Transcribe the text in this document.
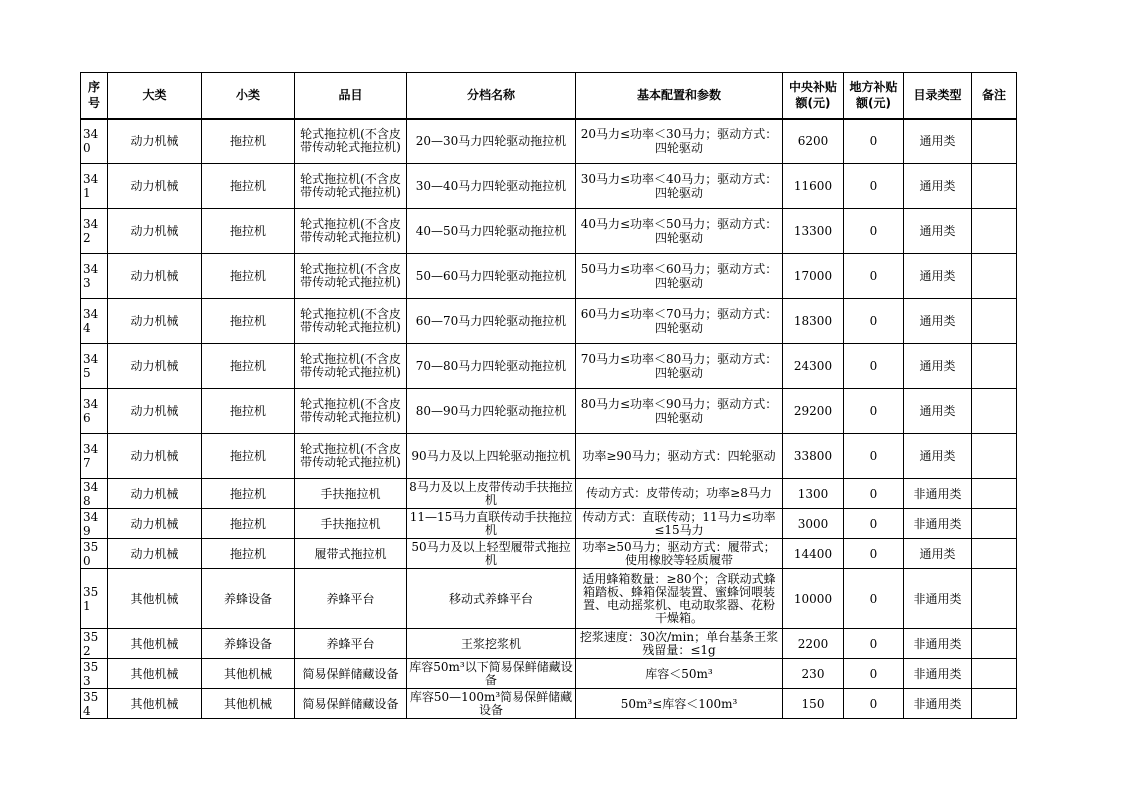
序号	大类	小类	品目	分档名称	基本配置和参数	中央补贴额(元)	地方补贴额(元)	目录类型	备注
340	动力机械	拖拉机	轮式拖拉机(不含皮带传动轮式拖拉机)	20—30马力四轮驱动拖拉机	20马力≤功率＜30马力；驱动方式：四轮驱动	6200	0	通用类	
341	动力机械	拖拉机	轮式拖拉机(不含皮带传动轮式拖拉机)	30—40马力四轮驱动拖拉机	30马力≤功率＜40马力；驱动方式：四轮驱动	11600	0	通用类	
342	动力机械	拖拉机	轮式拖拉机(不含皮带传动轮式拖拉机)	40—50马力四轮驱动拖拉机	40马力≤功率＜50马力；驱动方式：四轮驱动	13300	0	通用类	
343	动力机械	拖拉机	轮式拖拉机(不含皮带传动轮式拖拉机)	50—60马力四轮驱动拖拉机	50马力≤功率＜60马力；驱动方式：四轮驱动	17000	0	通用类	
344	动力机械	拖拉机	轮式拖拉机(不含皮带传动轮式拖拉机)	60—70马力四轮驱动拖拉机	60马力≤功率＜70马力；驱动方式：四轮驱动	18300	0	通用类	
345	动力机械	拖拉机	轮式拖拉机(不含皮带传动轮式拖拉机)	70—80马力四轮驱动拖拉机	70马力≤功率＜80马力；驱动方式：四轮驱动	24300	0	通用类	
346	动力机械	拖拉机	轮式拖拉机(不含皮带传动轮式拖拉机)	80—90马力四轮驱动拖拉机	80马力≤功率＜90马力；驱动方式：四轮驱动	29200	0	通用类	
347	动力机械	拖拉机	轮式拖拉机(不含皮带传动轮式拖拉机)	90马力及以上四轮驱动拖拉机	功率≥90马力；驱动方式：四轮驱动	33800	0	通用类	
348	动力机械	拖拉机	手扶拖拉机	8马力及以上皮带传动手扶拖拉机	传动方式：皮带传动；功率≥8马力	1300	0	非通用类	
349	动力机械	拖拉机	手扶拖拉机	11—15马力直联传动手扶拖拉机	传动方式：直联传动；11马力≤功率≤15马力	3000	0	非通用类	
350	动力机械	拖拉机	履带式拖拉机	50马力及以上轻型履带式拖拉机	功率≥50马力；驱动方式：履带式；使用橡胶等轻质履带	14400	0	通用类	
351	其他机械	养蜂设备	养蜂平台	移动式养蜂平台	适用蜂箱数量：≥80个；含联动式蜂箱踏板、蜂箱保湿装置、蜜蜂饲喂装置、电动摇浆机、电动取浆器、花粉干燥箱。	10000	0	非通用类	
352	其他机械	养蜂设备	养蜂平台	王浆挖浆机	挖浆速度：30次/min；单台基条王浆残留量：≤1g	2200	0	非通用类	
353	其他机械	其他机械	简易保鲜储藏设备	库容50m³以下简易保鲜储藏设备	库容＜50m³	230	0	非通用类	
354	其他机械	其他机械	简易保鲜储藏设备	库容50—100m³简易保鲜储藏设备	50m³≤库容＜100m³	150	0	非通用类	
